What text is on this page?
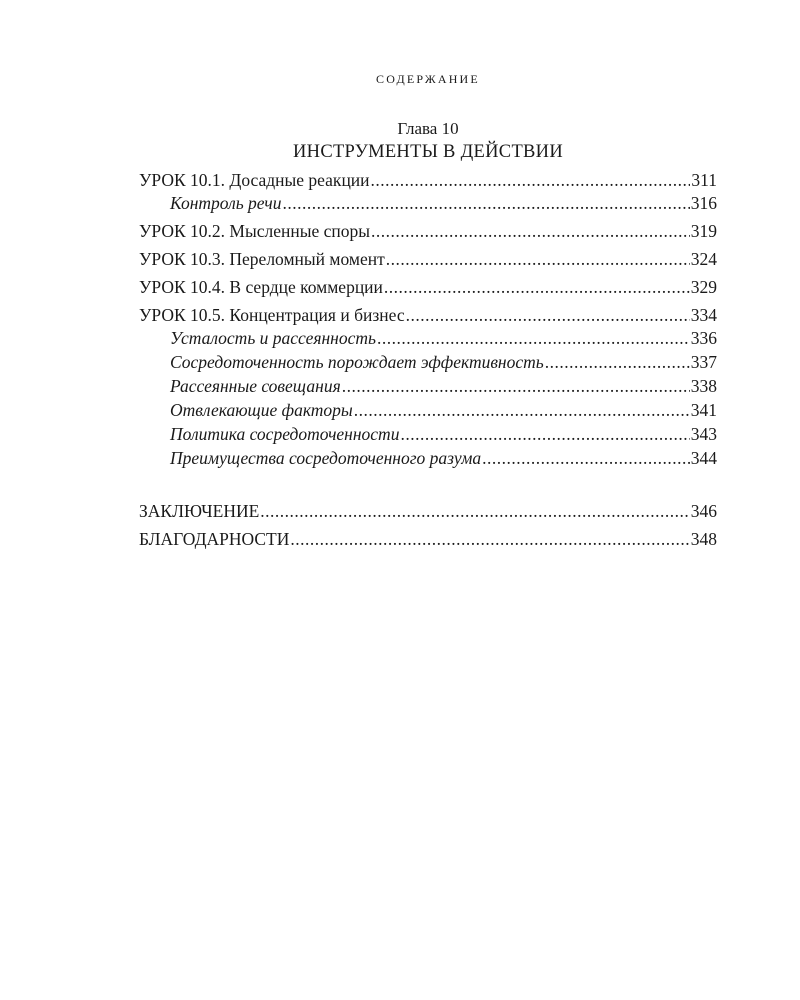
СОДЕРЖАНИЕ
Глава 10
ИНСТРУМЕНТЫ В ДЕЙСТВИИ
УРОК 10.1. Досадные реакции .....	311
Контроль речи .....	316
УРОК 10.2. Мысленные споры .....	319
УРОК 10.3. Переломный момент .....	324
УРОК 10.4. В сердце коммерции .....	329
УРОК 10.5. Концентрация и бизнес .....	334
Усталость и рассеянность .....	336
Сосредоточенность порождает эффективность .....	337
Рассеянные совещания .....	338
Отвлекающие факторы .....	341
Политика сосредоточенности .....	343
Преимущества сосредоточенного разума .....	344
ЗАКЛЮЧЕНИЕ .....	346
БЛАГОДАРНОСТИ .....	348
